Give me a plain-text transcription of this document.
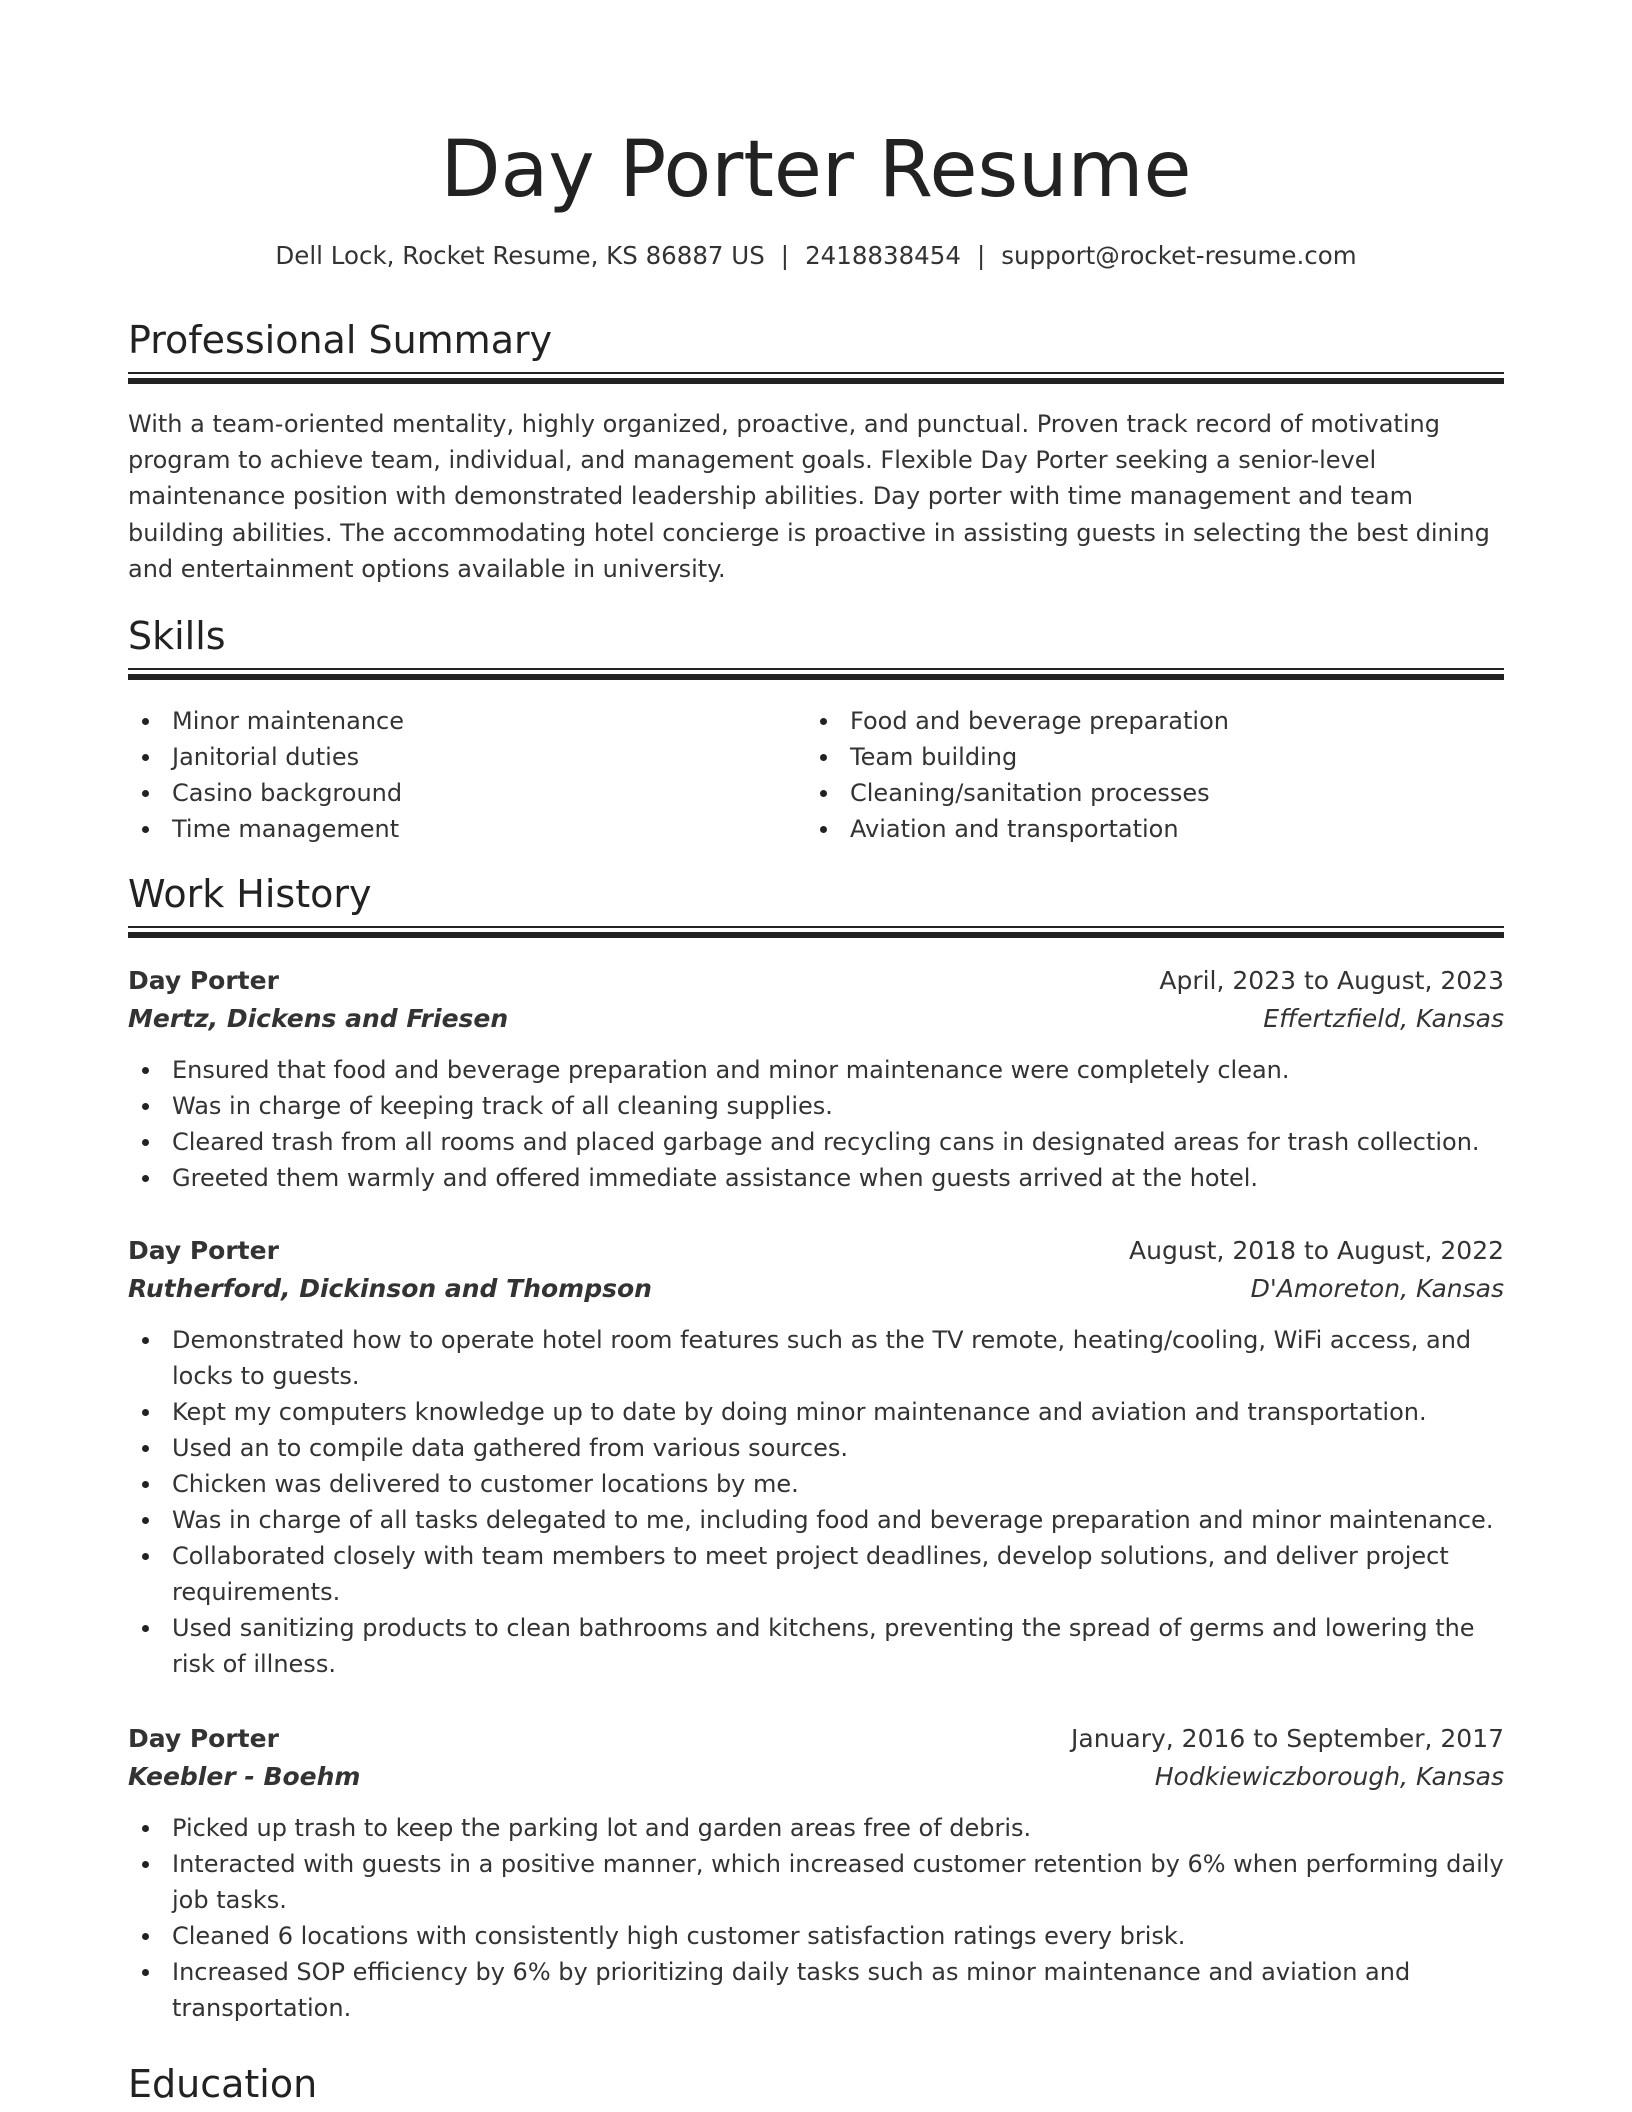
Day Porter Resume
Dell Lock, Rocket Resume, KS 86887 US | 2418838454 | support@rocket-resume.com
Professional Summary

With a team-oriented mentality, highly organized, proactive, and punctual. Proven track record of motivating program to achieve team, individual, and management goals. Flexible Day Porter seeking a senior-level maintenance position with demonstrated leadership abilities. Day porter with time management and team building abilities. The accommodating hotel concierge is proactive in assisting guests in selecting the best dining and entertainment options available in university.

Skills
Minor maintenance
Janitorial duties
Casino background
Time management
Food and beverage preparation
Team building
Cleaning/sanitation processes
Aviation and transportation
Work History
Day Porter	April, 2023 to August, 2023
Mertz, Dickens and Friesen	Effertzfield, Kansas
Ensured that food and beverage preparation and minor maintenance were completely clean.
Was in charge of keeping track of all cleaning supplies.
Cleared trash from all rooms and placed garbage and recycling cans in designated areas for trash collection.
Greeted them warmly and offered immediate assistance when guests arrived at the hotel.
Day Porter	August, 2018 to August, 2022
Rutherford, Dickinson and Thompson	D'Amoreton, Kansas
Demonstrated how to operate hotel room features such as the TV remote, heating/cooling, WiFi access, and locks to guests.
Kept my computers knowledge up to date by doing minor maintenance and aviation and transportation.
Used an to compile data gathered from various sources.
Chicken was delivered to customer locations by me.
Was in charge of all tasks delegated to me, including food and beverage preparation and minor maintenance.
Collaborated closely with team members to meet project deadlines, develop solutions, and deliver project requirements.
Used sanitizing products to clean bathrooms and kitchens, preventing the spread of germs and lowering the risk of illness.
Day Porter	January, 2016 to September, 2017
Keebler - Boehm	Hodkiewiczborough, Kansas
Picked up trash to keep the parking lot and garden areas free of debris.
Interacted with guests in a positive manner, which increased customer retention by 6% when performing daily job tasks.
Cleaned 6 locations with consistently high customer satisfaction ratings every brisk.
Increased SOP efficiency by 6% by prioritizing daily tasks such as minor maintenance and aviation and transportation.
Education
